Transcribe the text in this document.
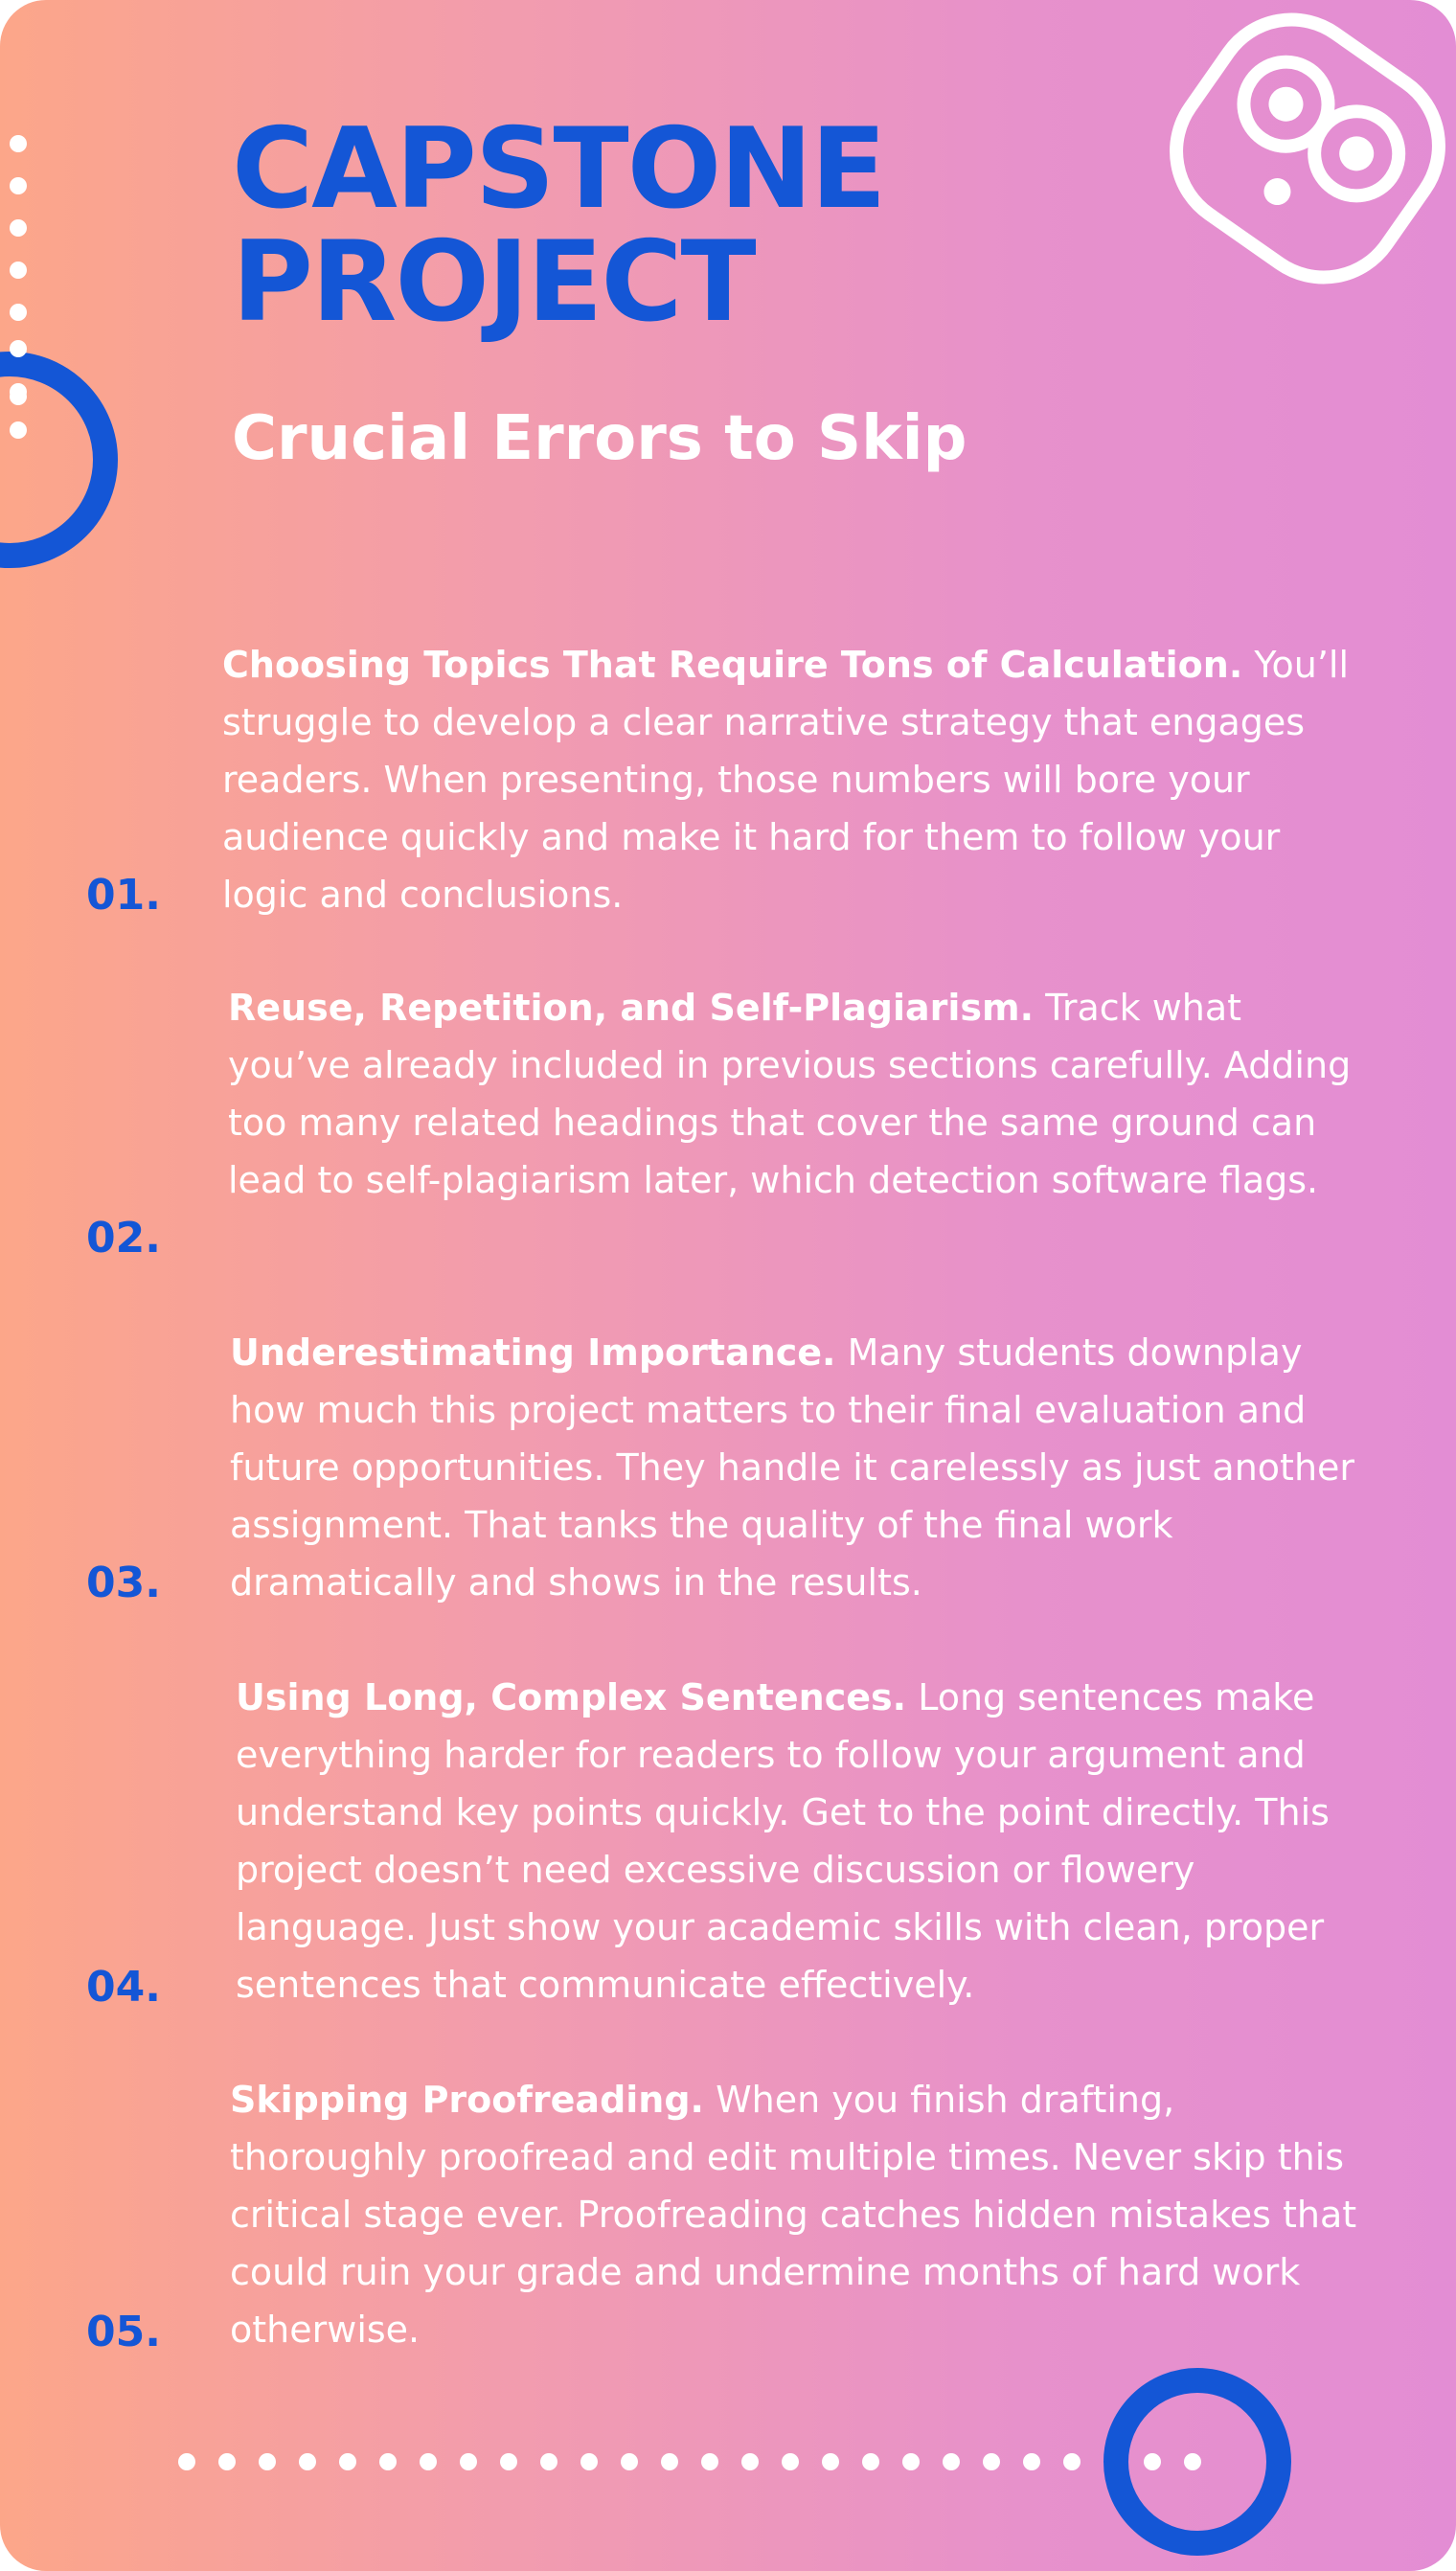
CAPSTONE
PROJECT
Crucial Errors to Skip
01.

Choosing Topics That Require Tons of Calculation. You’ll struggle to develop a clear narrative strategy that engages readers. When presenting, those numbers will bore your audience quickly and make it hard for them to follow your logic and conclusions.

02.

Reuse, Repetition, and Self-Plagiarism. Track what you’ve already included in previous sections carefully. Adding too many related headings that cover the same ground can lead to self-plagiarism later, which detection software flags.

03.

Underestimating Importance. Many students downplay how much this project matters to their final evaluation and future opportunities. They handle it carelessly as just another assignment. That tanks the quality of the final work dramatically and shows in the results.

04.

Using Long, Complex Sentences. Long sentences make everything harder for readers to follow your argument and understand key points quickly. Get to the point directly. This project doesn’t need excessive discussion or flowery language. Just show your academic skills with clean, proper sentences that communicate effectively.

05.

Skipping Proofreading. When you finish drafting, thoroughly proofread and edit multiple times. Never skip this critical stage ever. Proofreading catches hidden mistakes that could ruin your grade and undermine months of hard work otherwise.
